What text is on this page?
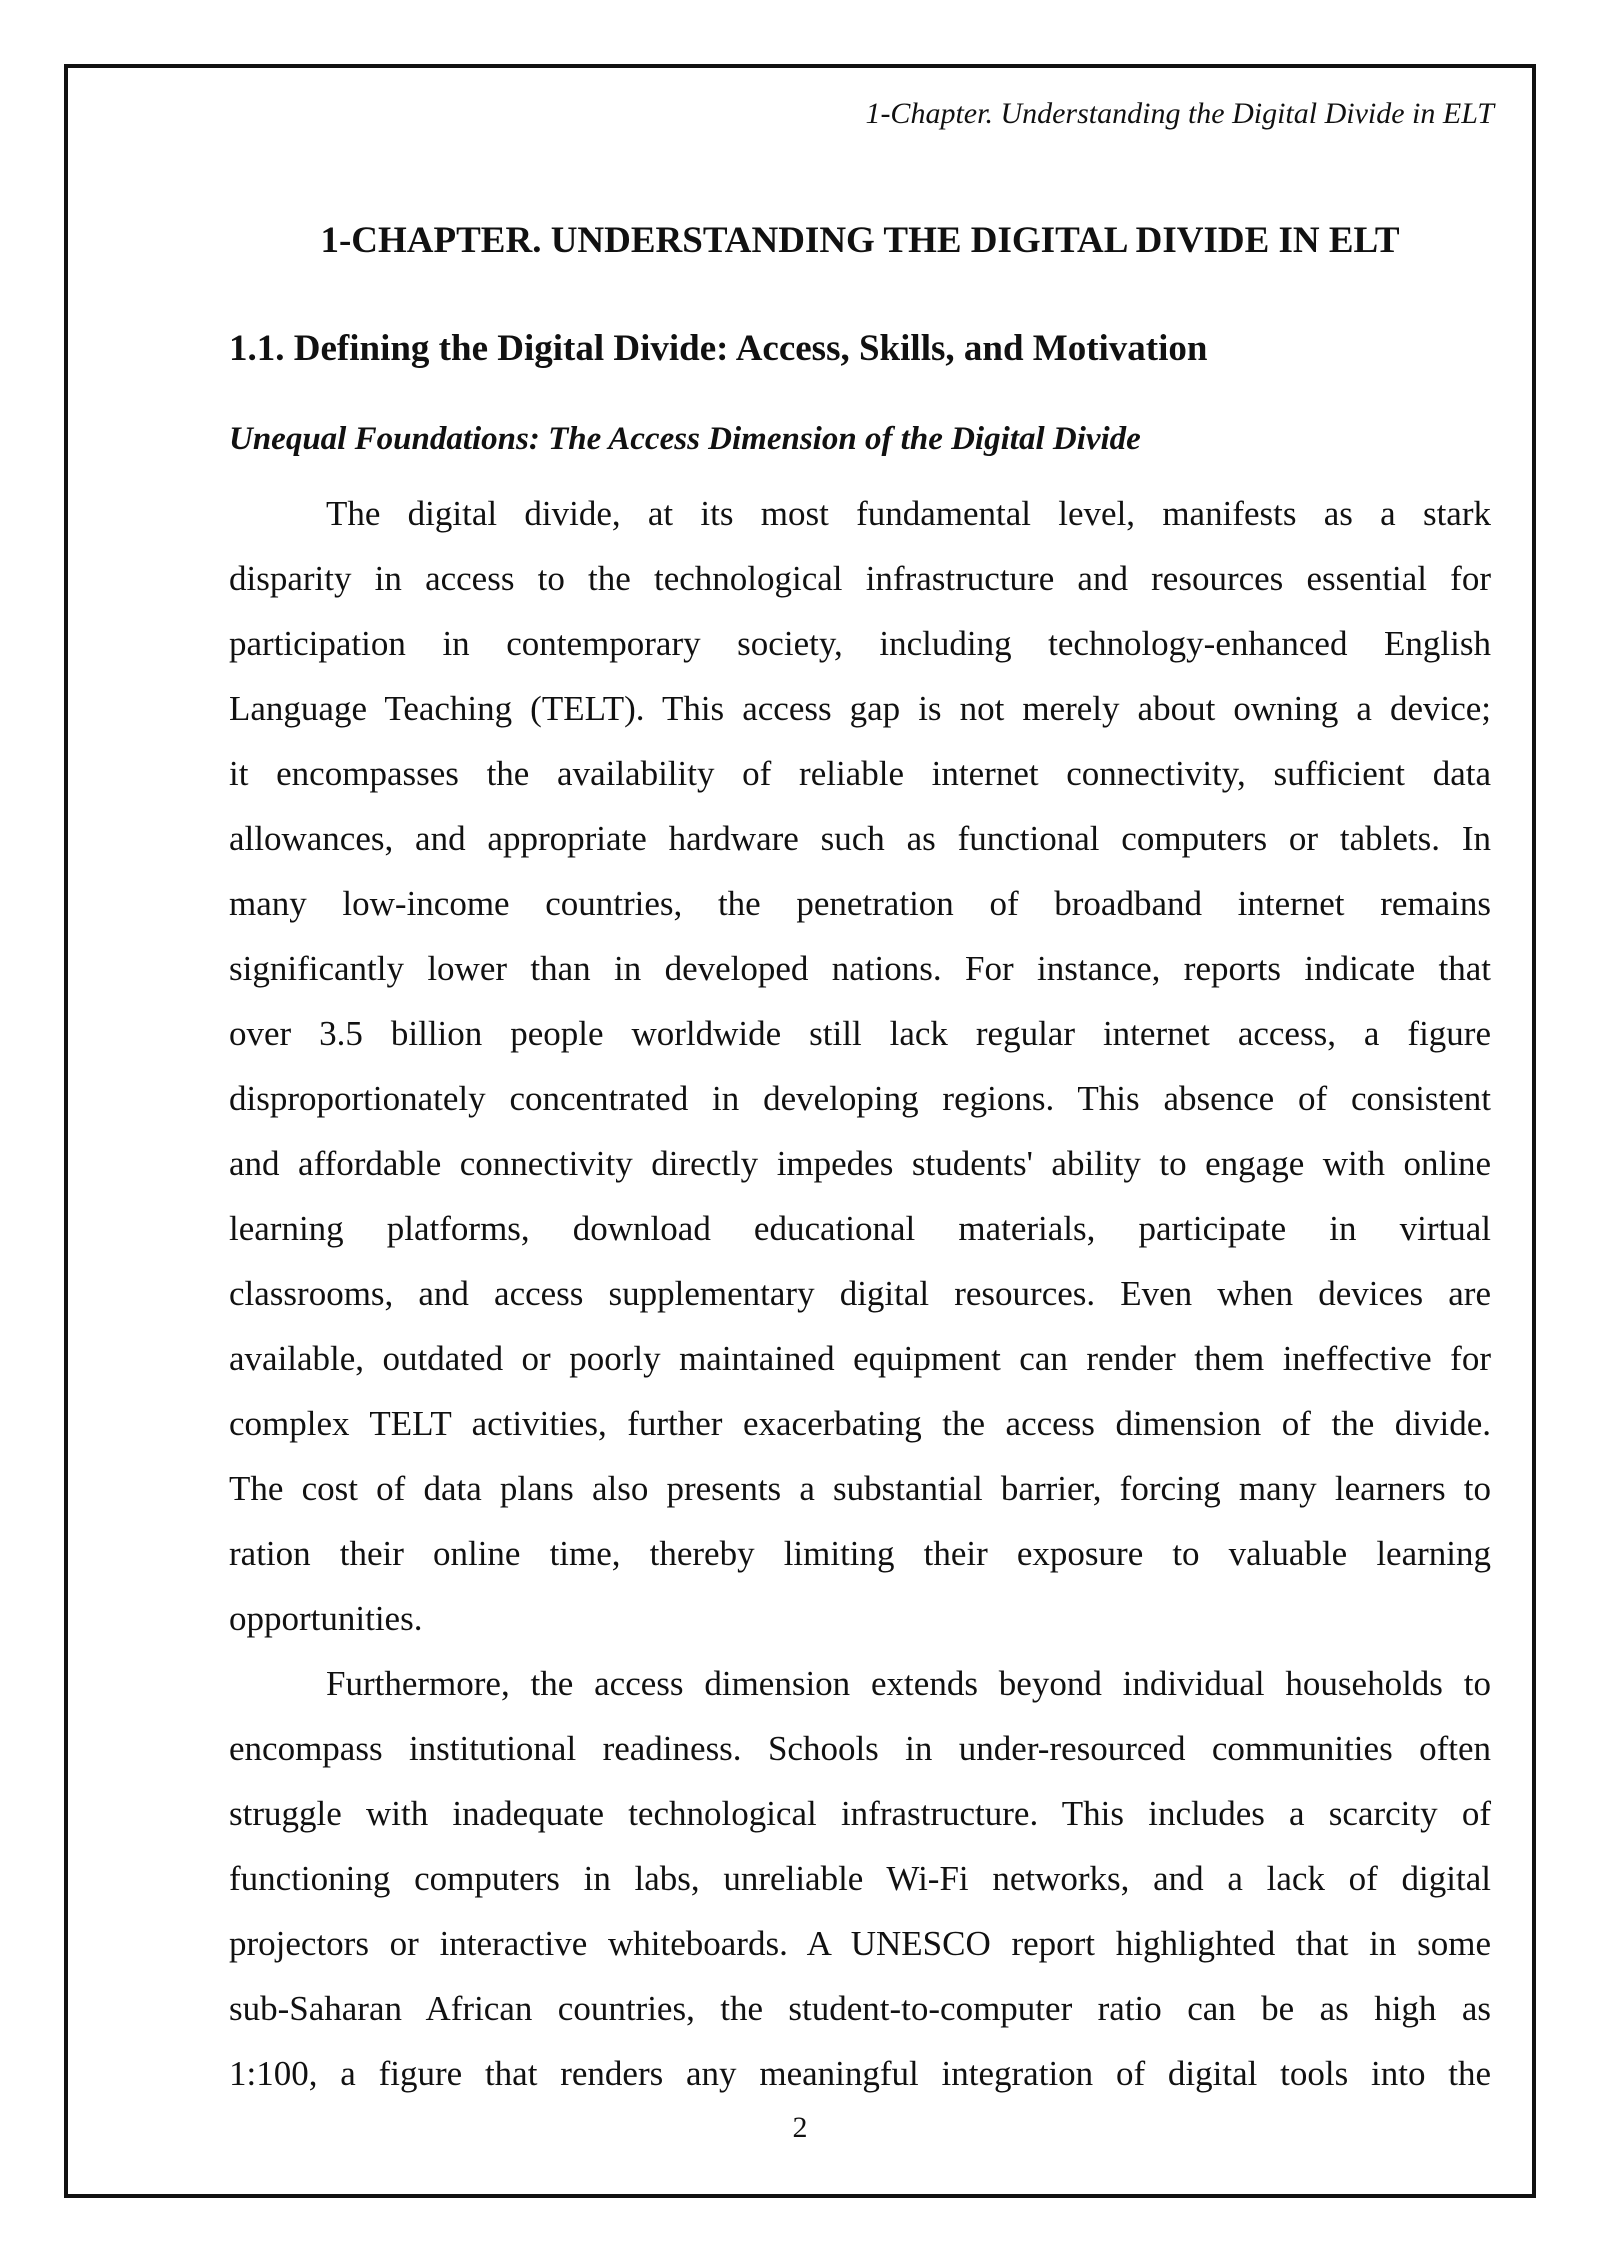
1-Chapter. Understanding the Digital Divide in ELT
1-CHAPTER. UNDERSTANDING THE DIGITAL DIVIDE IN ELT
1.1. Defining the Digital Divide: Access, Skills, and Motivation
Unequal Foundations: The Access Dimension of the Digital Divide
The digital divide, at its most fundamental level, manifests as a stark
disparity in access to the technological infrastructure and resources essential for
participation in contemporary society, including technology-enhanced English
Language Teaching (TELT). This access gap is not merely about owning a device;
it encompasses the availability of reliable internet connectivity, sufficient data
allowances, and appropriate hardware such as functional computers or tablets. In
many low-income countries, the penetration of broadband internet remains
significantly lower than in developed nations. For instance, reports indicate that
over 3.5 billion people worldwide still lack regular internet access, a figure
disproportionately concentrated in developing regions. This absence of consistent
and affordable connectivity directly impedes students' ability to engage with online
learning platforms, download educational materials, participate in virtual
classrooms, and access supplementary digital resources. Even when devices are
available, outdated or poorly maintained equipment can render them ineffective for
complex TELT activities, further exacerbating the access dimension of the divide.
The cost of data plans also presents a substantial barrier, forcing many learners to
ration their online time, thereby limiting their exposure to valuable learning
opportunities.
Furthermore, the access dimension extends beyond individual households to
encompass institutional readiness. Schools in under-resourced communities often
struggle with inadequate technological infrastructure. This includes a scarcity of
functioning computers in labs, unreliable Wi-Fi networks, and a lack of digital
projectors or interactive whiteboards. A UNESCO report highlighted that in some
sub-Saharan African countries, the student-to-computer ratio can be as high as
1:100, a figure that renders any meaningful integration of digital tools into the
2
